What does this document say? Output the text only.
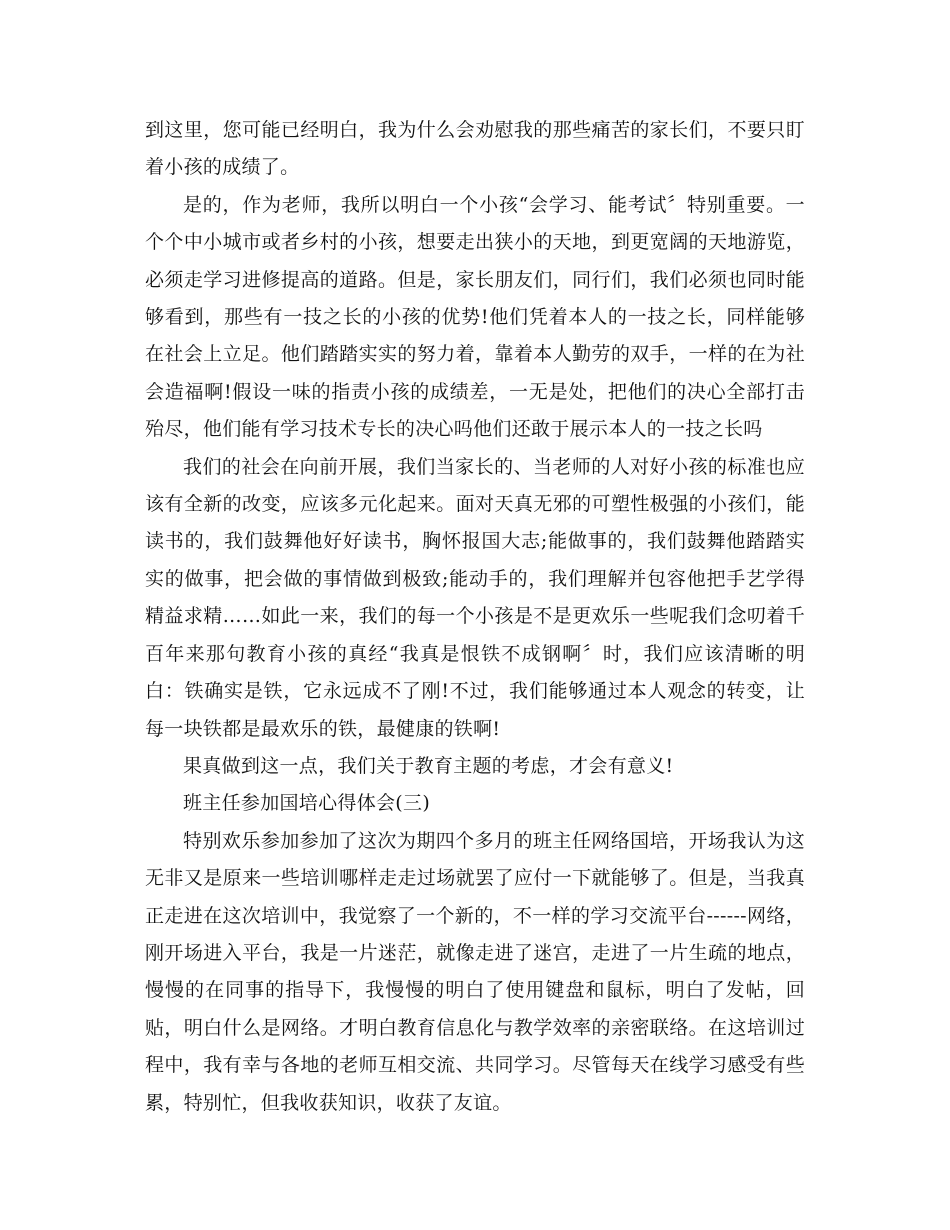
到这里，您可能已经明白，我为什么会劝慰我的那些痛苦的家长们，不要只盯着小孩的成绩了。

是的，作为老师，我所以明白一个小孩“会学习、能考试〞特别重要。一个个中小城市或者乡村的小孩，想要走出狭小的天地，到更宽阔的天地游览，必须走学习进修提高的道路。但是，家长朋友们，同行们，我们必须也同时能够看到，那些有一技之长的小孩的优势!他们凭着本人的一技之长，同样能够在社会上立足。他们踏踏实实的努力着，靠着本人勤劳的双手，一样的在为社会造福啊!假设一味的指责小孩的成绩差，一无是处，把他们的决心全部打击殆尽，他们能有学习技术专长的决心吗他们还敢于展示本人的一技之长吗

我们的社会在向前开展，我们当家长的、当老师的人对好小孩的标准也应该有全新的改变，应该多元化起来。面对天真无邪的可塑性极强的小孩们，能读书的，我们鼓舞他好好读书，胸怀报国大志;能做事的，我们鼓舞他踏踏实实的做事，把会做的事情做到极致;能动手的，我们理解并包容他把手艺学得精益求精……如此一来，我们的每一个小孩是不是更欢乐一些呢我们念叨着千百年来那句教育小孩的真经“我真是恨铁不成钢啊〞时，我们应该清晰的明白：铁确实是铁，它永远成不了刚!不过，我们能够通过本人观念的转变，让每一块铁都是最欢乐的铁，最健康的铁啊!

果真做到这一点，我们关于教育主题的考虑，才会有意义!

班主任参加国培心得体会(三)

特别欢乐参加参加了这次为期四个多月的班主任网络国培，开场我认为这无非又是原来一些培训哪样走走过场就罢了应付一下就能够了。但是，当我真正走进在这次培训中，我觉察了一个新的，不一样的学习交流平台------网络，刚开场进入平台，我是一片迷茫，就像走进了迷宫，走进了一片生疏的地点，慢慢的在同事的指导下，我慢慢的明白了使用键盘和鼠标，明白了发帖，回贴，明白什么是网络。才明白教育信息化与教学效率的亲密联络。在这培训过程中，我有幸与各地的老师互相交流、共同学习。尽管每天在线学习感受有些累，特别忙，但我收获知识，收获了友谊。
